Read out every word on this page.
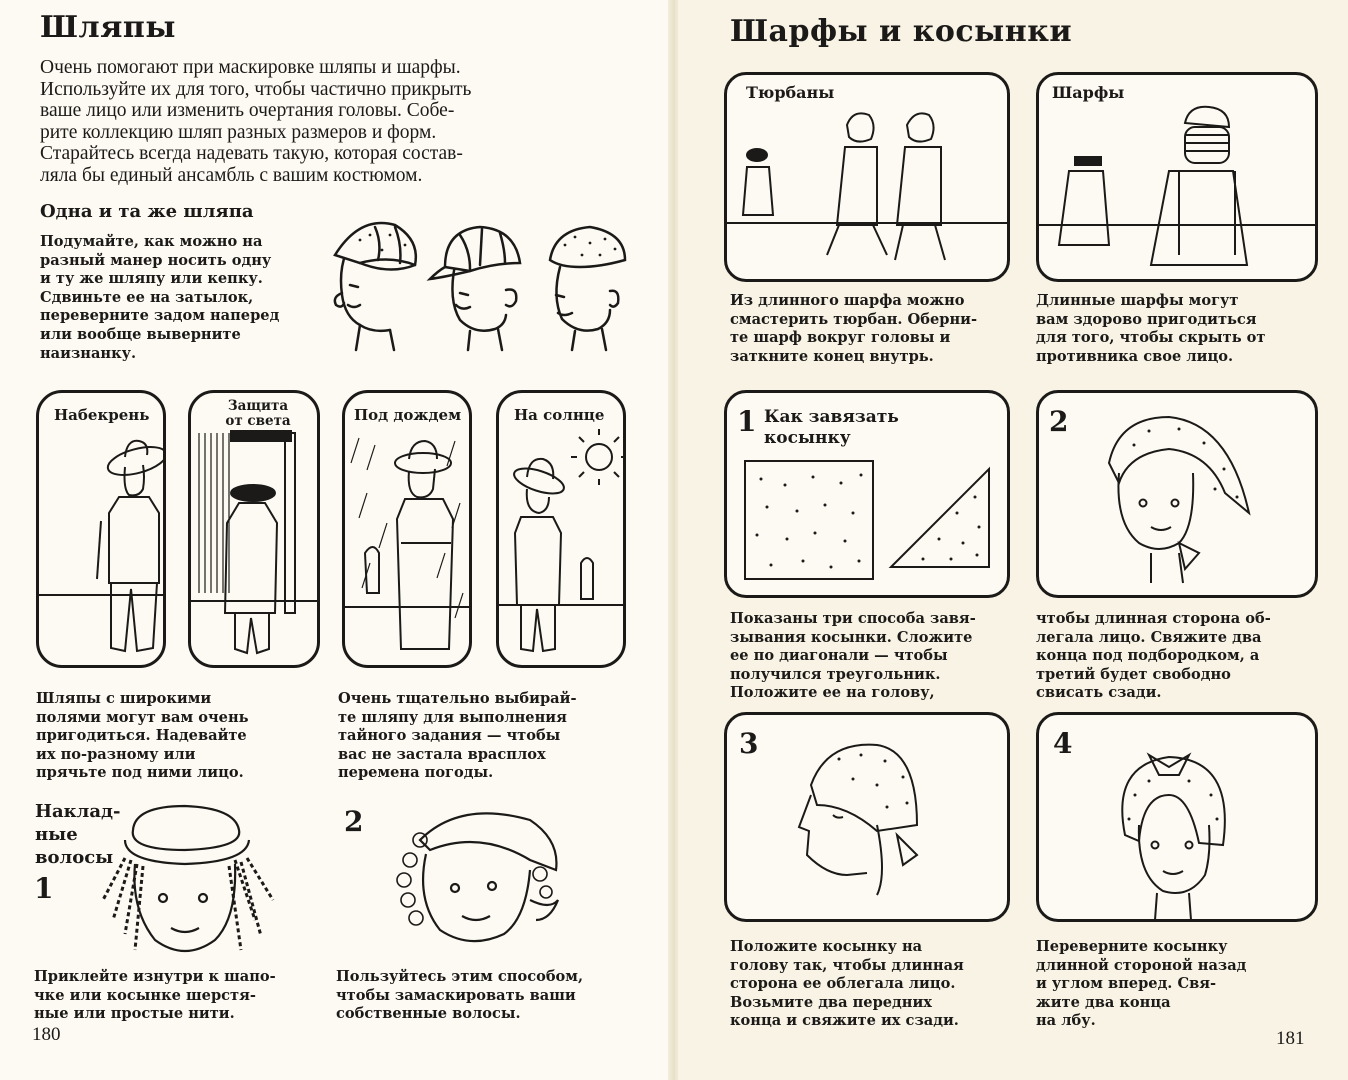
Шляпы

Очень помогают при маскировке шляпы и шарфы.
Используйте их для того, чтобы частично прикрыть
ваше лицо или изменить очертания головы. Собе-
рите коллекцию шляп разных размеров и форм.
Старайтесь всегда надевать такую, которая состав-
ляла бы единый ансамбль с вашим костюмом.

Одна и та же шляпа

Подумайте, как можно на
разный манер носить одну
и ту же шляпу или кепку.
Сдвиньте ее на затылок,
переверните задом наперед
или вообще выверните
наизнанку.

Набекрень	Защита от света	Под дождем	На солнце

Шляпы с широкими
полями могут вам очень
пригодиться. Надевайте
их по-разному или
прячьте под ними лицо.

Очень тщательно выбирай-
те шляпу для выполнения
тайного задания — чтобы
вас не застала врасплох
перемена погоды.

Наклад-
ные
волосы
1
2

Приклейте изнутри к шапо-
чке или косынке шерстя-
ные или простые нити.

Пользуйтесь этим способом,
чтобы замаскировать ваши
собственные волосы.

180
Шарфы и косынки
Тюрбаны	Шарфы

Из длинного шарфа можно
смастерить тюрбан. Оберни-
те шарф вокруг головы и
заткните конец внутрь.

Длинные шарфы могут
вам здорово пригодиться
для того, чтобы скрыть от
противника свое лицо.

1 Как завязать косынку	2

Показаны три способа завя-
зывания косынки. Сложите
ее по диагонали — чтобы
получился треугольник.
Положите ее на голову,

чтобы длинная сторона об-
легала лицо. Свяжите два
конца под подбородком, а
третий будет свободно
свисать сзади.

3	4

Положите косынку на
голову так, чтобы длинная
сторона ее облегала лицо.
Возьмите два передних
конца и свяжите их сзади.

Переверните косынку
длинной стороной назад
и углом вперед. Свя-
жите два конца
на лбу.

181
